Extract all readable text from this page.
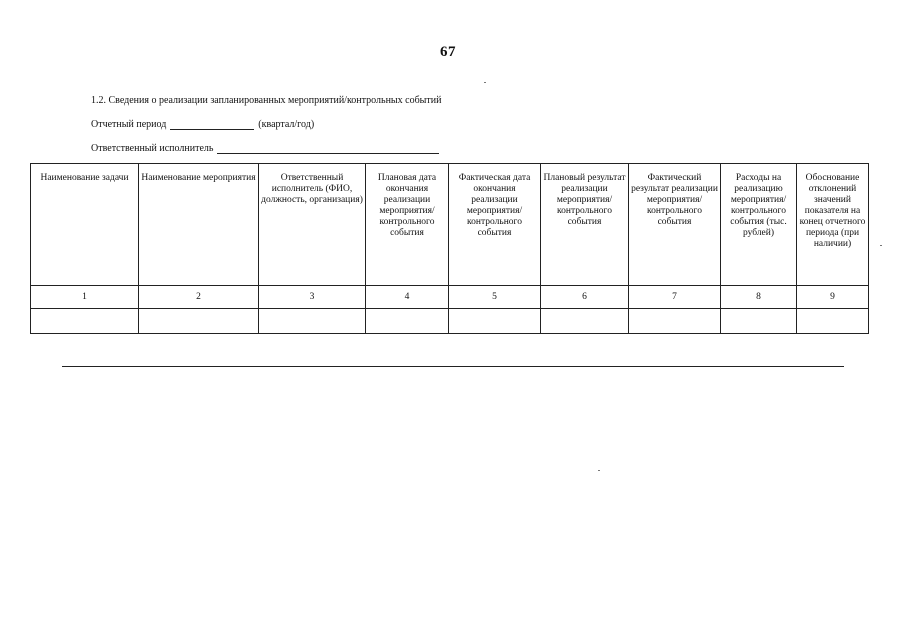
67
1.2. Сведения о реализации запланированных мероприятий/контрольных событий
Отчетный период	(квартал/год)
Ответственный исполнитель
Наименование задачи	Наименование мероприятия	Ответственный исполнитель (ФИО, должность, организация)	Плановая дата окончания реализации мероприятия/ контрольного события	Фактическая дата окончания реализации мероприятия/контрольного события	Плановый результат реализации мероприятия/контрольного события	Фактический результат реализации мероприятия/контрольного события	Расходы на реализацию мероприятия/ контрольного события (тыс. рублей)	Обоснование отклонений значений показателя на конец отчетного периода (при наличии)
1	2	3	4	5	6	7	8	9
